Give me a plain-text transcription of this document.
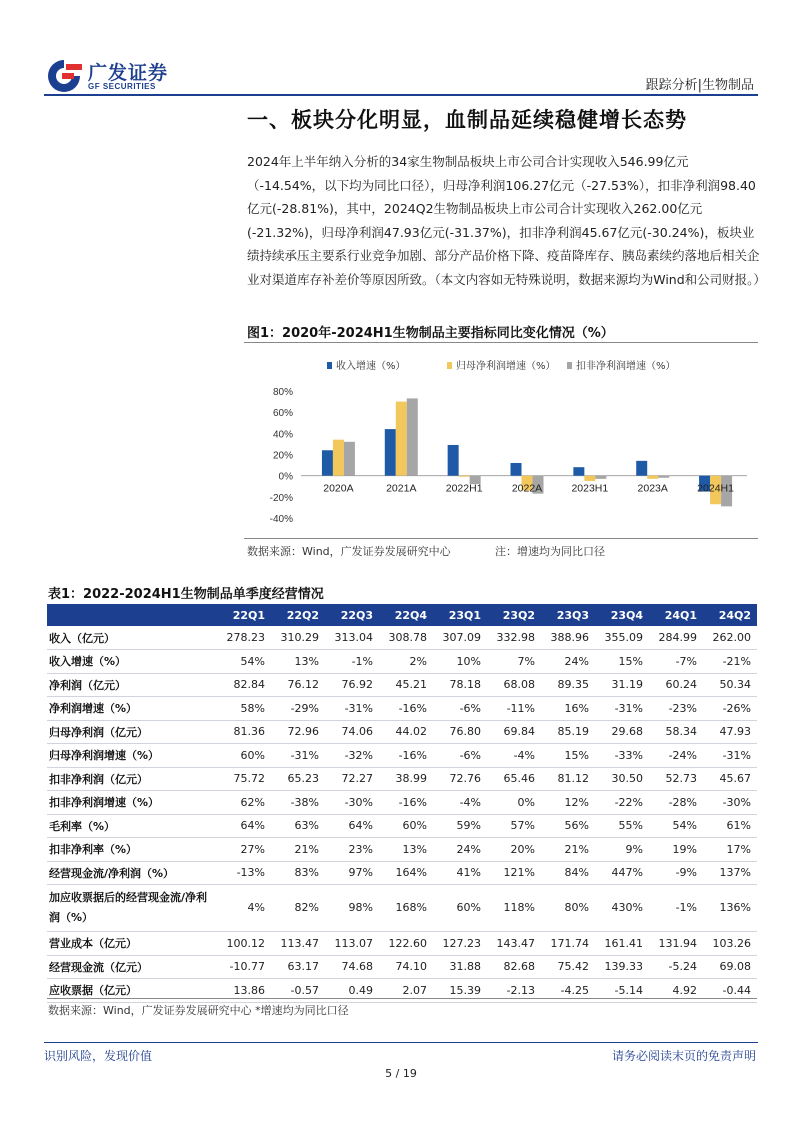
广发证券
GF SECURITIES	跟踪分析|生物制品
一、板块分化明显，血制品延续稳健增长态势
2024年上半年纳入分析的34家生物制品板块上市公司合计实现收入546.99亿元（-14.54%，以下均为同比口径），归母净利润106.27亿元（-27.53%），扣非净利润98.40亿元(-28.81%)，其中，2024Q2生物制品板块上市公司合计实现收入262.00亿元(-21.32%)，归母净利润47.93亿元(-31.37%)，扣非净利润45.67亿元(-30.24%)，板块业绩持续承压主要系行业竞争加剧、部分产品价格下降、疫苗降库存、胰岛素续约落地后相关企业对渠道库存补差价等原因所致。（本文内容如无特殊说明，数据来源均为Wind和公司财报。）
图1：2020年-2024H1生物制品主要指标同比变化情况（%）
收入增速（%）	归母净利润增速（%） 扣非净利润增速（%）
80%
60%
40%
20%
0%
-20%
-40%
2020A	2021A	2022H1	2022A	2023H1	2023A	2024H1
数据来源：Wind，广发证券发展研究中心	注：增速均为同比口径
表1：2022-2024H1生物制品单季度经营情况
	22Q1	22Q2	22Q3	22Q4	23Q1	23Q2	23Q3	23Q4	24Q1	24Q2
收入（亿元）	278.23	310.29	313.04	308.78	307.09	332.98	388.96	355.09	284.99	262.00
收入增速（%）	54%	13%	-1%	2%	10%	7%	24%	15%	-7%	-21%
净利润（亿元）	82.84	76.12	76.92	45.21	78.18	68.08	89.35	31.19	60.24	50.34
净利润增速（%）	58%	-29%	-31%	-16%	-6%	-11%	16%	-31%	-23%	-26%
归母净利润（亿元）	81.36	72.96	74.06	44.02	76.80	69.84	85.19	29.68	58.34	47.93
归母净利润增速（%）	60%	-31%	-32%	-16%	-6%	-4%	15%	-33%	-24%	-31%
扣非净利润（亿元）	75.72	65.23	72.27	38.99	72.76	65.46	81.12	30.50	52.73	45.67
扣非净利润增速（%）	62%	-38%	-30%	-16%	-4%	0%	12%	-22%	-28%	-30%
毛利率（%）	64%	63%	64%	60%	59%	57%	56%	55%	54%	61%
扣非净利率（%）	27%	21%	23%	13%	24%	20%	21%	9%	19%	17%
经营现金流/净利润（%）	-13%	83%	97%	164%	41%	121%	84%	447%	-9%	137%
加应收票据后的经营现金流/净利润（%）	4%	82%	98%	168%	60%	118%	80%	430%	-1%	136%
营业成本（亿元）	100.12	113.47	113.07	122.60	127.23	143.47	171.74	161.41	131.94	103.26
经营现金流（亿元）	-10.77	63.17	74.68	74.10	31.88	82.68	75.42	139.33	-5.24	69.08
应收票据（亿元）	13.86	-0.57	0.49	2.07	15.39	-2.13	-4.25	-5.14	4.92	-0.44
数据来源：Wind，广发证券发展研究中心 *增速均为同比口径
识别风险，发现价值	请务必阅读末页的免责声明
5 / 19
